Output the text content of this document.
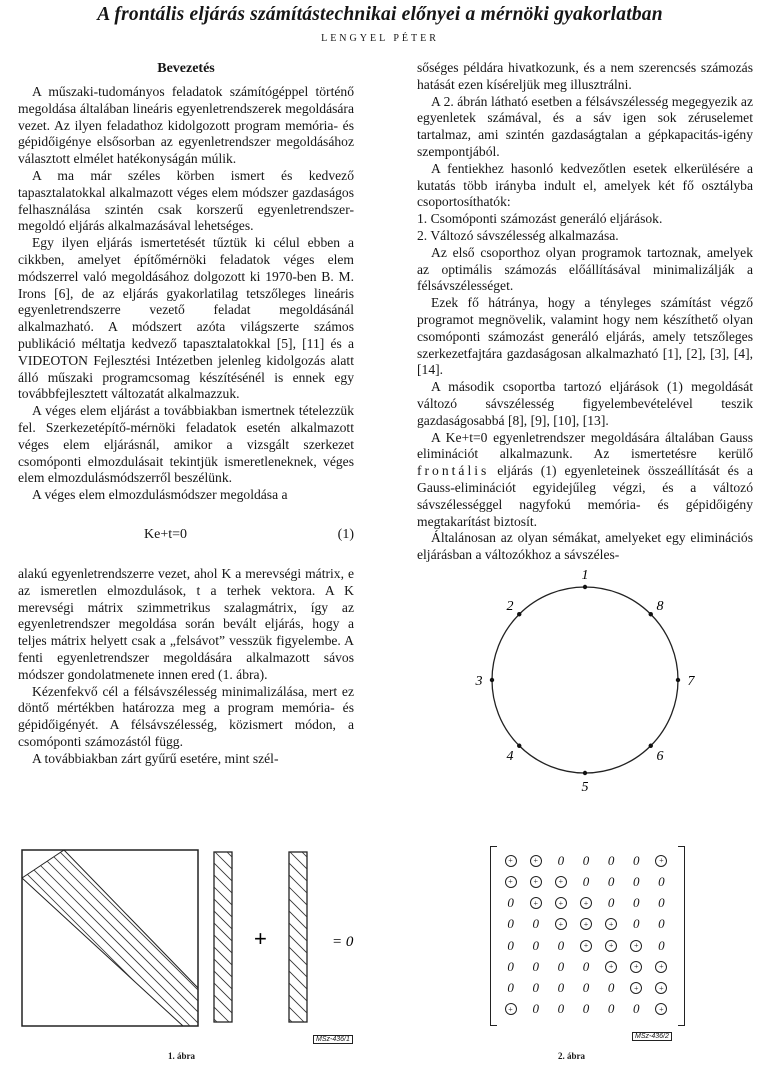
A frontális eljárás számítástechnikai előnyei a mérnöki gyakorlatban
LENGYEL PÉTER
Bevezetés

A műszaki-tudományos feladatok számítógéppel történő megoldása általában lineáris egyenletrendszerek megoldására vezet. Az ilyen feladathoz kidolgozott program memória- és gépidőigénye elsősorban az egyenletrendszer megoldásához választott elmélet hatékonyságán múlik.

A ma már széles körben ismert és kedvező tapasztalatokkal alkalmazott véges elem módszer gazdaságos felhasználása szintén csak korszerű egyenletrendszer-megoldó eljárás alkalmazásával lehetséges.

Egy ilyen eljárás ismertetését tűztük ki célul ebben a cikkben, amelyet építőmérnöki feladatok véges elem módszerrel való megoldásához dolgozott ki 1970-ben B. M. Irons [6], de az eljárás gyakorlatilag tetszőleges lineáris egyenletrendszerre vezető feladat megoldásánál alkalmazható. A módszert azóta világszerte számos publikáció méltatja kedvező tapasztalatokkal [5], [11] és a VIDEOTON Fejlesztési Intézetben jelenleg kidolgozás alatt álló műszaki programcsomag készítésénél is ennek egy továbbfejlesztett változatát alkalmazzuk.

A véges elem eljárást a továbbiakban ismertnek tételezzük fel. Szerkezetépítő-mérnöki feladatok esetén alkalmazott véges elem eljárásnál, amikor a vizsgált szerkezet csomóponti elmozdulásait tekintjük ismeretleneknek, véges elem elmozdulásmódszerről beszélünk.

A véges elem elmozdulásmódszer megoldása a

Ke+t=0	(1)

alakú egyenletrendszerre vezet, ahol K a merevségi mátrix, e az ismeretlen elmozdulások, t a terhek vektora. A K merevségi mátrix szimmetrikus szalagmátrix, így az egyenletrendszer megoldása során bevált eljárás, hogy a teljes mátrix helyett csak a „felsávot” vesszük figyelembe. A fenti egyenletrendszer megoldására alkalmazott sávos módszer gondolatmenete innen ered (1. ábra).

Kézenfekvő cél a félsávszélesség minimalizálása, mert ez döntő mértékben határozza meg a program memória- és gépidőigényét. A félsávszélesség, közismert módon, a csomóponti számozástól függ.

A továbbiakban zárt gyűrű esetére, mint szél-

sőséges példára hivatkozunk, és a nem szerencsés számozás hatását ezen kíséreljük meg illusztrálni.

A 2. ábrán látható esetben a félsávszélesség megegyezik az egyenletek számával, és a sáv igen sok zéruselemet tartalmaz, ami szintén gazdaságtalan a gépkapacitás-igény szempontjából.

A fentiekhez hasonló kedvezőtlen esetek elkerülésére a kutatás több irányba indult el, amelyek két fő osztályba csoportosíthatók:

1. Csomóponti számozást generáló eljárások.

2. Változó sávszélesség alkalmazása.

Az első csoporthoz olyan programok tartoznak, amelyek az optimális számozás előállításával minimalizálják a félsávszélességet.

Ezek fő hátránya, hogy a tényleges számítást végző programot megnövelik, valamint hogy nem készíthető olyan csomóponti számozást generáló eljárás, amely tetszőleges szerkezetfajtára gazdaságosan alkalmazható [1], [2], [3], [4],[14].

A második csoportba tartozó eljárások (1) megoldását változó sávszélesség figyelembevételével teszik gazdaságosabbá [8], [9], [10], [13].

A Ke+t=0 egyenletrendszer megoldására általában Gauss eliminációt alkalmazunk. Az ismertetésre kerülő frontális eljárás (1) egyenleteinek összeállítását és a Gauss-eliminációt egyidejűleg végzi, és a változó sávszélességgel nagyfokú memória- és gépidőigény megtakarítást biztosít.

Általánosan az olyan sémákat, amelyeket egy eliminációs eljárásban a változókhoz a sávszéles-

1
8
7
6
5
4
3
2
+	= 0
MSz-436/1
1. ábra
+	+ 0 0 0 0	+
+	+	+ 0 0 0 0
0	+	+	+ 0 0 0
0 0	+	+	+ 0 0
0 0 0	+	+	+ 0
0 0 0 0	+	+	+
0 0 0 0 0	+	+
+ 0 0 0 0 0	+
MSz-436/2
2. ábra
